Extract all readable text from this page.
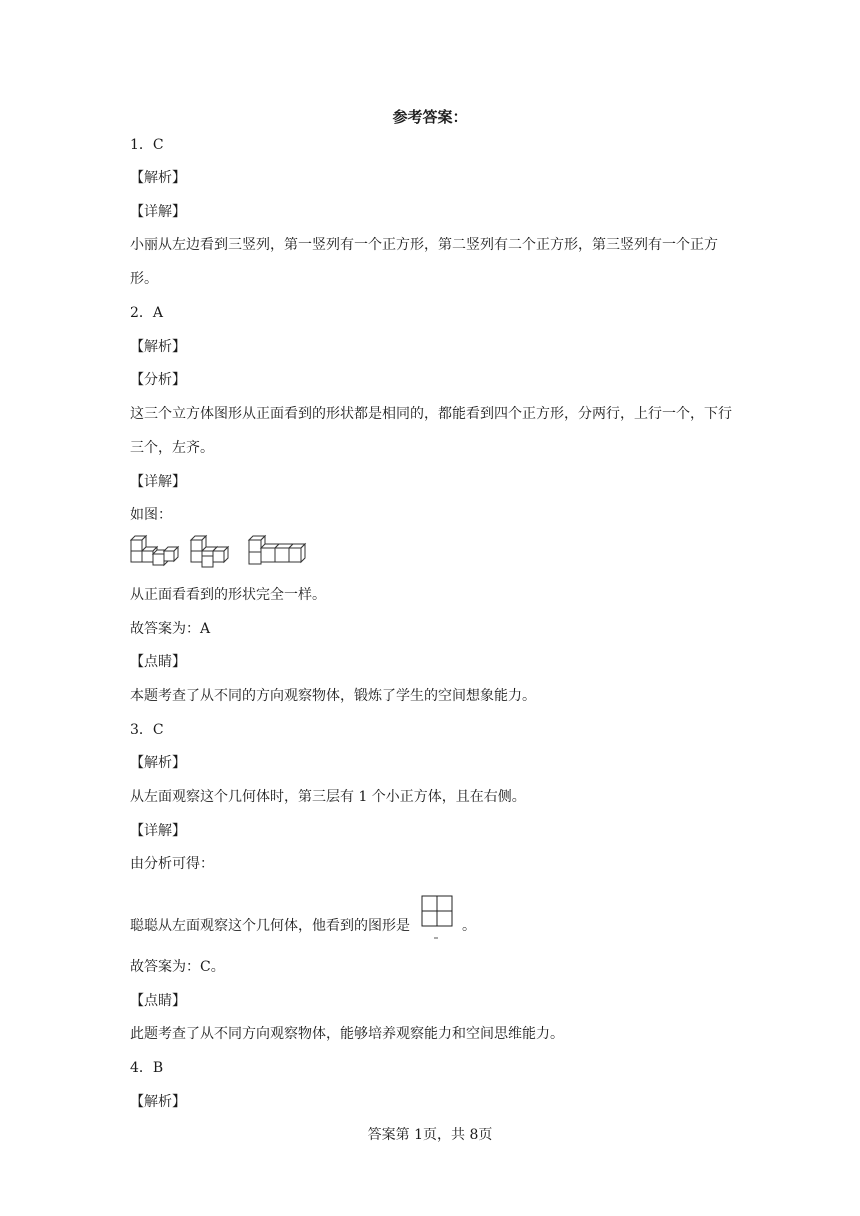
参考答案：
1．C
【解析】
【详解】
小丽从左边看到三竖列，第一竖列有一个正方形，第二竖列有二个正方形，第三竖列有一个正方形。
2．A
【解析】
【分析】
这三个立方体图形从正面看到的形状都是相同的，都能看到四个正方形，分两行，上行一个，下行三个，左齐。
【详解】
如图：
从正面看看到的形状完全一样。
故答案为：A
【点睛】
本题考查了从不同的方向观察物体，锻炼了学生的空间想象能力。
3．C
【解析】
从左面观察这个几何体时，第三层有 1 个小正方体，且在右侧。
【详解】
由分析可得：
聪聪从左面观察这个几何体，他看到的图形是	。
故答案为：C。
【点睛】
此题考查了从不同方向观察物体，能够培养观察能力和空间思维能力。
4．B
【解析】
答案第 1页，共 8页
